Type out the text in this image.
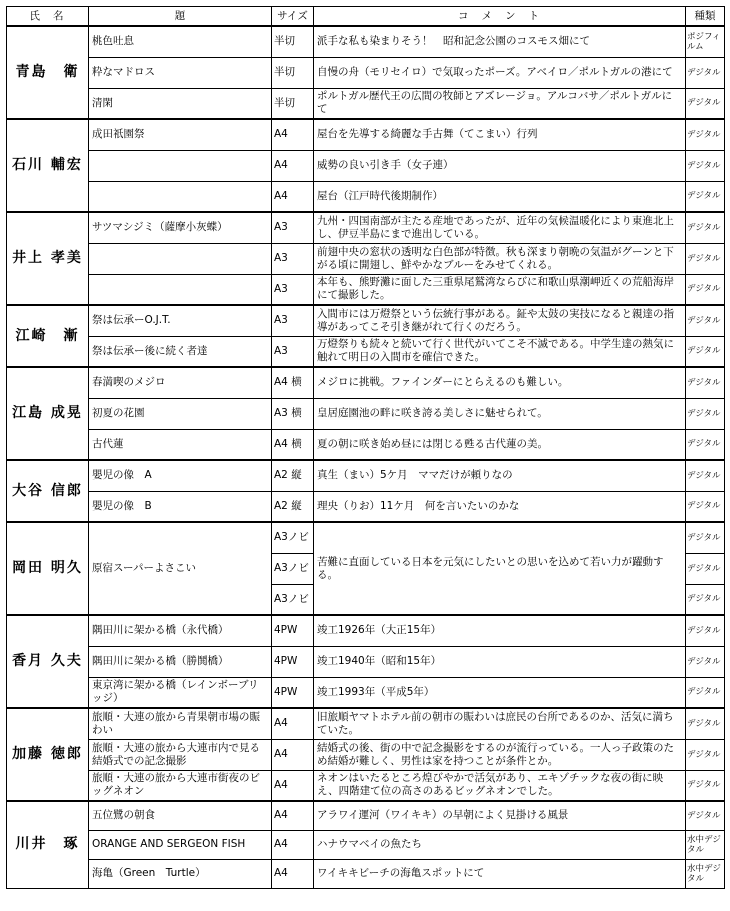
氏名	題	サイズ	コメント	種類
青島　衛	桃色吐息	半切	派手な私も染まりそう！　昭和記念公園のコスモス畑にて	ポジフィルム
	粋なマドロス	半切	自慢の舟（モリセイロ）で気取ったポーズ。アベイロ／ポルトガルの港にて	デジタル
	清閑	半切	ポルトガル歴代王の広間の牧師とアズレージョ。アルコバサ／ポルトガルにて	デジタル
石川 輔宏	成田祇園祭	A4	屋台を先導する綺麗な手古舞（てこまい）行列	デジタル
		A4	威勢の良い引き手（女子連）	デジタル
		A4	屋台（江戸時代後期制作）	デジタル
井上 孝美	サツマシジミ（薩摩小灰蝶）	A3	九州・四国南部が主たる産地であったが、近年の気候温暖化により東進北上し、伊豆半島にまで進出している。	デジタル
		A3	前翅中央の窓状の透明な白色部が特徴。秋も深まり朝晩の気温がグーンと下がる頃に開翅し、鮮やかなブルーをみせてくれる。	デジタル
		A3	本年も、熊野灘に面した三重県尾鷲湾ならびに和歌山県潮岬近くの荒船海岸にて撮影した。	デジタル
江崎　漸	祭は伝承ーO.J.T.	A3	入間市には万燈祭という伝統行事がある。鉦や太鼓の実技になると親達の指導があってこそ引き継がれて行くのだろう。	デジタル
	祭は伝承ー後に続く者達	A3	万燈祭りも続々と続いて行く世代がいてこそ不滅である。中学生達の熱気に触れて明日の入間市を確信できた。	デジタル
江島 成晃	春満喫のメジロ	A4 横	メジロに挑戦。ファインダーにとらえるのも難しい。	デジタル
	初夏の花園	A3 横	皇居庭園池の畔に咲き誇る美しさに魅せられて。	デジタル
	古代蓮	A4 横	夏の朝に咲き始め昼には閉じる甦る古代蓮の美。	デジタル
大谷 信郎	嬰児の像　A	A2 縦	真生（まい）5ケ月　ママだけが頼りなの	デジタル
	嬰児の像　B	A2 縦	理央（りお）11ケ月　何を言いたいのかな	デジタル
岡田 明久	原宿スーパーよさこい	A3ノビ	苦難に直面している日本を元気にしたいとの思いを込めて若い力が躍動する。	デジタル
		A3ノビ		デジタル
		A3ノビ		デジタル
香月 久夫	隅田川に架かる橋（永代橋）	4PW	竣工1926年（大正15年）	デジタル
	隅田川に架かる橋（勝鬨橋）	4PW	竣工1940年（昭和15年）	デジタル
	東京湾に架かる橋（レインボーブリッジ）	4PW	竣工1993年（平成5年）	デジタル
加藤 徳郎	旅順・大連の旅から青果朝市場の賑わい	A4	旧旅順ヤマトホテル前の朝市の賑わいは庶民の台所であるのか、活気に満ちていた。	デジタル
	旅順・大連の旅から大連市内で見る結婚式での記念撮影	A4	結婚式の後、街の中で記念撮影をするのが流行っている。一人っ子政策のため結婚が難しく、男性は家を持つことが条件とか。	デジタル
	旅順・大連の旅から大連市街夜のビッグネオン	A4	ネオンはいたるところ煌びやかで活気があり、エキゾチックな夜の街に映え、四階建て位の高さのあるビッグネオンでした。	デジタル
川井　琢	五位鷺の朝食	A4	アラワイ運河（ワイキキ）の早朝によく見掛ける風景	デジタル
	ORANGE AND SERGEON FISH	A4	ハナウマベイの魚たち	水中デジタル
	海亀（Green　Turtle）	A4	ワイキキビーチの海亀スポットにて	水中デジタル
